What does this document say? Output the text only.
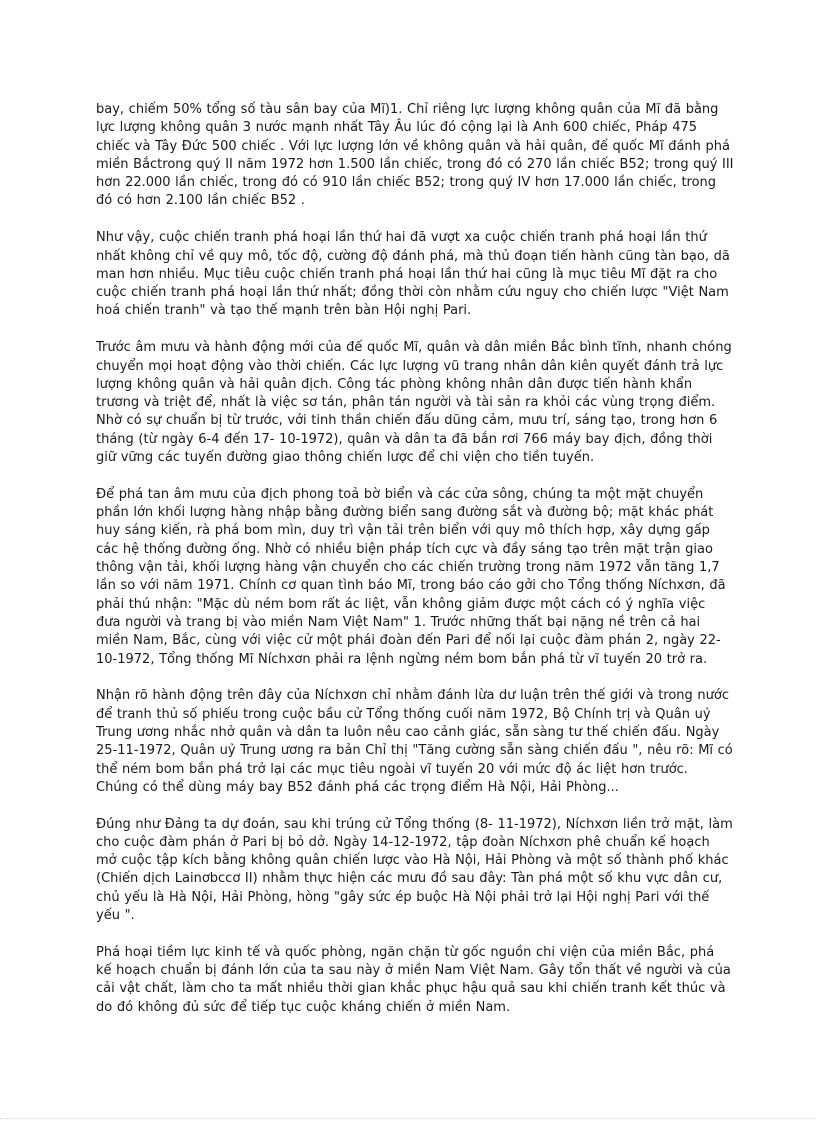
bay, chiếm 50% tổng số tàu sân bay của Mĩ)1. Chỉ riêng lực lượng không quân của Mĩ đã bằng lực lượng không quân 3 nước mạnh nhất Tây Âu lúc đó cộng lại là Anh 600 chiếc, Pháp 475 chiếc và Tây Đức 500 chiếc . Với lực lượng lớn về không quân và hải quân, đế quốc Mĩ đánh phá miền Bắctrong quý II năm 1972 hơn 1.500 lần chiếc, trong đó có 270 lần chiếc B52; trong quý III hơn 22.000 lần chiếc, trong đó có 910 lần chiếc B52; trong quý IV hơn 17.000 lần chiếc, trong đó có hơn 2.100 lần chiếc B52 .

Như vậy, cuộc chiến tranh phá hoại lần thứ hai đã vượt xa cuộc chiến tranh phá hoại lần thứ nhất không chỉ về quy mô, tốc độ, cường độ đánh phá, mà thủ đoạn tiến hành cũng tàn bạo, dã man hơn nhiều. Mục tiêu cuộc chiến tranh phá hoại lần thứ hai cũng là mục tiêu Mĩ đặt ra cho cuộc chiến tranh phá hoại lần thứ nhất; đồng thời còn nhằm cứu nguy cho chiến lược "Việt Nam hoá chiến tranh" và tạo thế mạnh trên bàn Hội nghị Pari.

Trước âm mưu và hành động mới của đế quốc Mĩ, quân và dân miền Bắc bình tĩnh, nhanh chóng chuyển mọi hoạt động vào thời chiến. Các lực lượng vũ trang nhân dân kiên quyết đánh trả lực lượng không quân và hải quân địch. Công tác phòng không nhân dân được tiến hành khẩn trương và triệt để, nhất là việc sơ tán, phân tán người và tài sản ra khỏi các vùng trọng điểm. Nhờ có sự chuẩn bị từ trước, với tinh thần chiến đấu dũng cảm, mưu trí, sáng tạo, trong hơn 6 tháng (từ ngày 6-4 đến 17- 10-1972), quân và dân ta đã bắn rơi 766 máy bay địch, đồng thời giữ vững các tuyến đường giao thông chiến lược để chi viện cho tiền tuyến.

Để phá tan âm mưu của địch phong toả bờ biển và các cửa sông, chúng ta một mặt chuyển phần lớn khối lượng hàng nhập bằng đường biển sang đường sắt và đường bộ; mặt khác phát huy sáng kiến, rà phá bom mìn, duy trì vận tải trên biển với quy mô thích hợp, xây dựng gấp các hệ thống đường ống. Nhờ có nhiều biện pháp tích cực và đầy sáng tạo trên mặt trận giao thông vận tải, khối lượng hàng vận chuyển cho các chiến trường trong năm 1972 vẫn tăng 1,7 lần so với năm 1971. Chính cơ quan tình báo Mĩ, trong báo cáo gởi cho Tổng thống Níchxơn, đã phải thú nhận: "Mặc dù ném bom rất ác liệt, vẫn không giảm được một cách có ý nghĩa việc đưa người và trang bị vào miền Nam Việt Nam" 1. Trước những thất bại nặng nề trên cả hai miền Nam, Bắc, cùng với việc cử một phái đoàn đến Pari để nối lại cuộc đàm phán 2, ngày 22-10-1972, Tổng thống Mĩ Níchxơn phải ra lệnh ngừng ném bom bắn phá từ vĩ tuyến 20 trở ra.

Nhận rõ hành động trên đây của Níchxơn chỉ nhằm đánh lừa dư luận trên thế giới và trong nước để tranh thủ số phiếu trong cuộc bầu cử Tổng thống cuối năm 1972, Bộ Chính trị và Quân uỷ Trung ương nhắc nhở quân và dân ta luôn nêu cao cảnh giác, sẵn sàng tư thế chiến đấu. Ngày 25-11-1972, Quân uỷ Trung ương ra bản Chỉ thị "Tăng cường sẵn sàng chiến đấu ", nêu rõ: Mĩ có thể ném bom bắn phá trở lại các mục tiêu ngoài vĩ tuyến 20 với mức độ ác liệt hơn trước. Chúng có thể dùng máy bay B52 đánh phá các trọng điểm Hà Nội, Hải Phòng...

Đúng như Đảng ta dự đoán, sau khi trúng cử Tổng thống (8- 11-1972), Níchxơn liền trở mặt, làm cho cuộc đàm phán ở Pari bị bỏ dở. Ngày 14-12-1972, tập đoàn Níchxơn phê chuẩn kế hoạch mở cuộc tập kích bằng không quân chiến lược vào Hà Nội, Hải Phòng và một số thành phố khác (Chiến dịch Lainơbccơ II) nhằm thực hiện các mưu đồ sau đây: Tàn phá một số khu vực dân cư, chủ yếu là Hà Nội, Hải Phòng, hòng "gây sức ép buộc Hà Nội phải trở lại Hội nghị Pari với thế yếu ".

Phá hoại tiềm lực kinh tế và quốc phòng, ngăn chặn từ gốc nguồn chi viện của miền Bắc, phá kế hoạch chuẩn bị đánh lớn của ta sau này ở miền Nam Việt Nam. Gây tổn thất về người và của cải vật chất, làm cho ta mất nhiều thời gian khắc phục hậu quả sau khi chiến tranh kết thúc và do đó không đủ sức để tiếp tục cuộc kháng chiến ở miền Nam.
